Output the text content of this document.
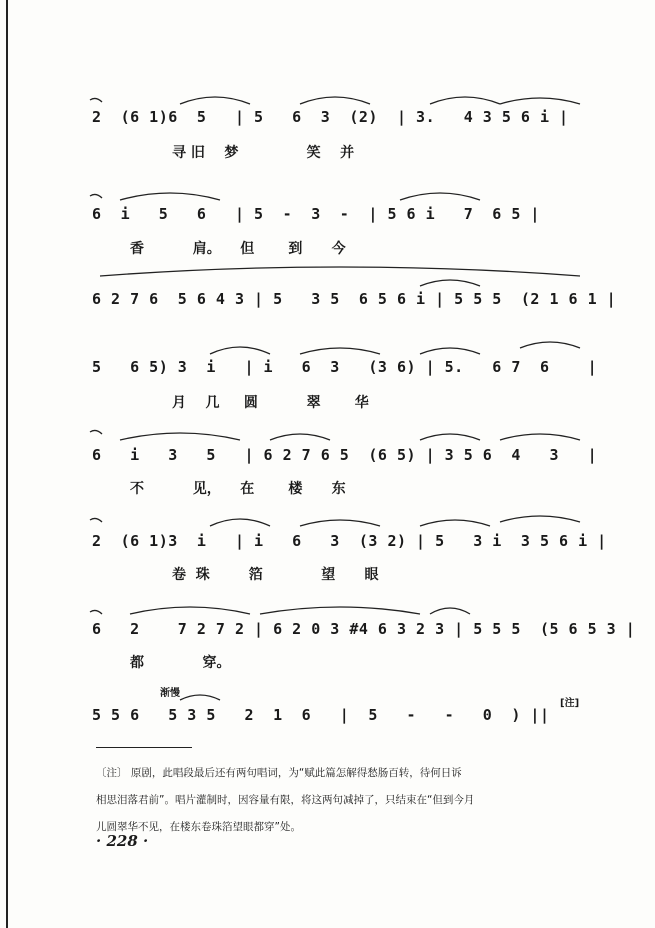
2  (6 1)6  5   | 5   6  3  (2)  | 3.   4 3 5 6 i |
寻 旧    梦              笑    并
6  i   5   6   | 5  -  3  -  | 5 6 i   7  6 5 |
香          肩。    但       到      今
6 2 7 6  5 6 4 3 | 5   3 5  6 5 6 i | 5 5 5  (2 1 6 1 |
5   6 5) 3  i   | i   6  3   (3 6) | 5.   6 7  6    |
月    几     圆          翠       华
6   i   3   5   | 6 2 7 6 5  (6 5) | 3 5 6  4   3   |
不          见，    在       楼      东
2  (6 1)3  i   | i   6   3  (3 2) | 5   3 i  3 5 6 i |
卷  珠        箔            望      眼
6   2    7 2 7 2 | 6 2 0 3 #4 6 3 2 3 | 5 5 5  (5 6 5 3 |
都            穿。
渐慢
5 5 6   5 3 5   2  1  6   |  5   -   -   0  ) ||
[注]
〔注〕 原剧，此唱段最后还有两句唱词，为“赋此篇怎解得愁肠百转，待何日诉
相思泪落君前”。唱片灌制时，因容量有限，将这两句减掉了，只结束在“但到今月
儿圆翠华不见，在楼东卷珠箔望眼都穿”处。
· 228 ·
